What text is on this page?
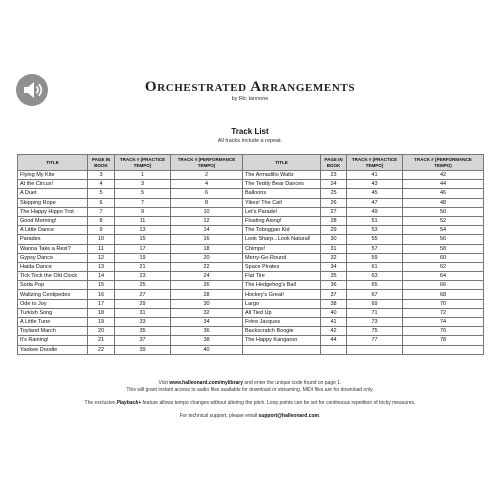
Orchestrated Arrangements
by Ric Iannone
Track List
All tracks include a repeat.
TITLE	PAGE IN BOOK	TRACK # (PRACTICE TEMPO)	TRACK # (PERFORMANCE TEMPO)	TITLE	PAGE IN BOOK	TRACK # (PRACTICE TEMPO)	TRACK # (PERFORMANCE TEMPO)
Flying My Kite	3	1	2	The Armadillo Waltz	23	41	42
At the Circus!	4	3	4	The Teddy Bear Dances	24	43	44
A Duet	5	5	6	Balloons	25	45	46
Skipping Rope	6	7	8	Yikes! The Cat!	26	47	48
The Happy Hippo Trot	7	9	10	Let's Parade!	27	49	50
Good Morning!	8	11	12	Floating Along!	28	51	52
A Little Dance	9	13	14	The Toboggan Kid	29	53	54
Parades	10	15	16	Look Sharp...Look Natural!	30	55	56
Wanna Take a Rest?	11	17	18	Chimps!	31	57	58
Gypsy Dance	12	19	20	Merry-Go-Round	32	59	60
Haida Dance	13	21	22	Space Pirates	34	61	62
Tick Tock the Old Clock	14	23	24	Flat Tire	35	63	64
Soda Pop	15	25	26	The Hedgehog's Ball	36	65	66
Waltzing Centipedes	16	27	28	Hockey's Great!	37	67	68
Ode to Joy	17	29	30	Largo	38	69	70
Turkish Song	18	31	32	All Tied Up	40	71	72
A Little Tune	19	33	34	Frère Jacques	41	73	74
Toyland March	20	35	36	Backscratch Boogie	42	75	76
It's Raining!	21	37	38	The Happy Kangaroo	44	77	78
Yankee Doodle	22	39	40				
Visit www.halleonard.com/mylibrary and enter the unique code found on page 1.
This will grant instant access to audio files available for download or streaming. MIDI files are for download only.
The exclusive Playback+ feature allows tempo changes without altering the pitch. Loop points can be set for continuous repetition of tricky measures.
For technical support, please email support@halleonard.com.
